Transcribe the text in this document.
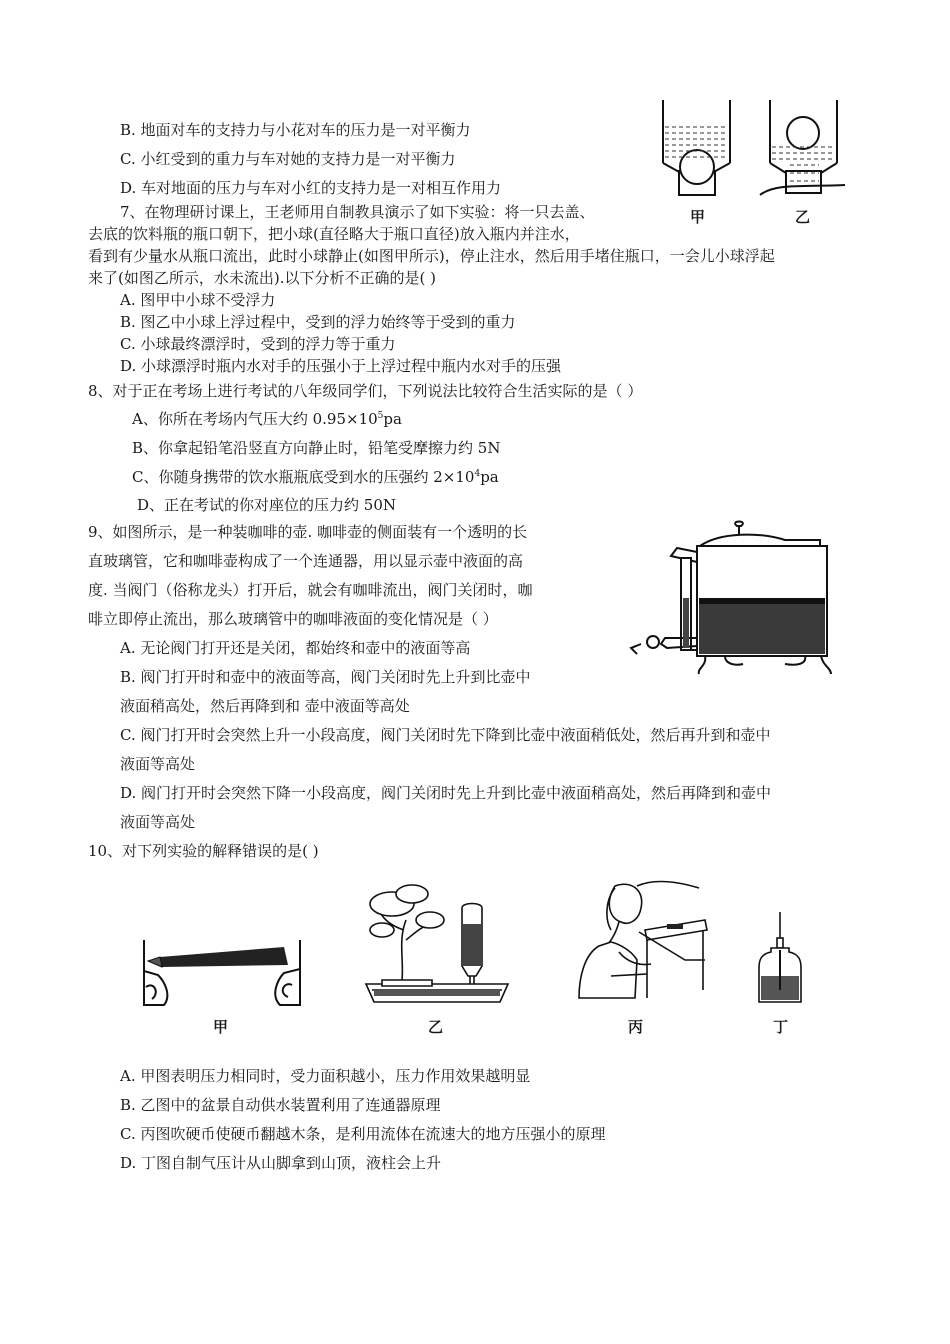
B. 地面对车的支持力与小花对车的压力是一对平衡力
C. 小红受到的重力与车对她的支持力是一对平衡力
D. 车对地面的压力与车对小红的支持力是一对相互作用力
甲	乙
7、在物理研讨课上，王老师用自制教具演示了如下实验：将一只去盖、
去底的饮料瓶的瓶口朝下，把小球(直径略大于瓶口直径)放入瓶内并注水，
看到有少量水从瓶口流出，此时小球静止(如图甲所示)，停止注水，然后用手堵住瓶口，一会儿小球浮起
来了(如图乙所示，水未流出).以下分析不正确的是( )
A. 图甲中小球不受浮力
B. 图乙中小球上浮过程中，受到的浮力始终等于受到的重力
C. 小球最终漂浮时，受到的浮力等于重力
D. 小球漂浮时瓶内水对手的压强小于上浮过程中瓶内水对手的压强
8、对于正在考场上进行考试的八年级同学们，下列说法比较符合生活实际的是（ ）
A、你所在考场内气压大约 $0.95\times 10^5pa$
B、你拿起铅笔沿竖直方向静止时，铅笔受摩擦力约 5N
C、你随身携带的饮水瓶瓶底受到水的压强约 $2\times 10^4pa$
D、正在考试的你对座位的压力约 50N
9、如图所示，是一种装咖啡的壶. 咖啡壶的侧面装有一个透明的长
直玻璃管，它和咖啡壶构成了一个连通器，用以显示壶中液面的高
度. 当阀门（俗称龙头）打开后，就会有咖啡流出，阀门关闭时，咖
啡立即停止流出，那么玻璃管中的咖啡液面的变化情况是（ ）
A. 无论阀门打开还是关闭，都始终和壶中的液面等高
B. 阀门打开时和壶中的液面等高，阀门关闭时先上升到比壶中
液面稍高处，然后再降到和 壶中液面等高处
C. 阀门打开时会突然上升一小段高度，阀门关闭时先下降到比壶中液面稍低处，然后再升到和壶中
液面等高处
D. 阀门打开时会突然下降一小段高度，阀门关闭时先上升到比壶中液面稍高处，然后再降到和壶中
液面等高处
10、对下列实验的解释错误的是( )
甲	乙	丙	丁
A. 甲图表明压力相同时，受力面积越小，压力作用效果越明显
B. 乙图中的盆景自动供水装置利用了连通器原理
C. 丙图吹硬币使硬币翻越木条，是利用流体在流速大的地方压强小的原理
D. 丁图自制气压计从山脚拿到山顶，液柱会上升
